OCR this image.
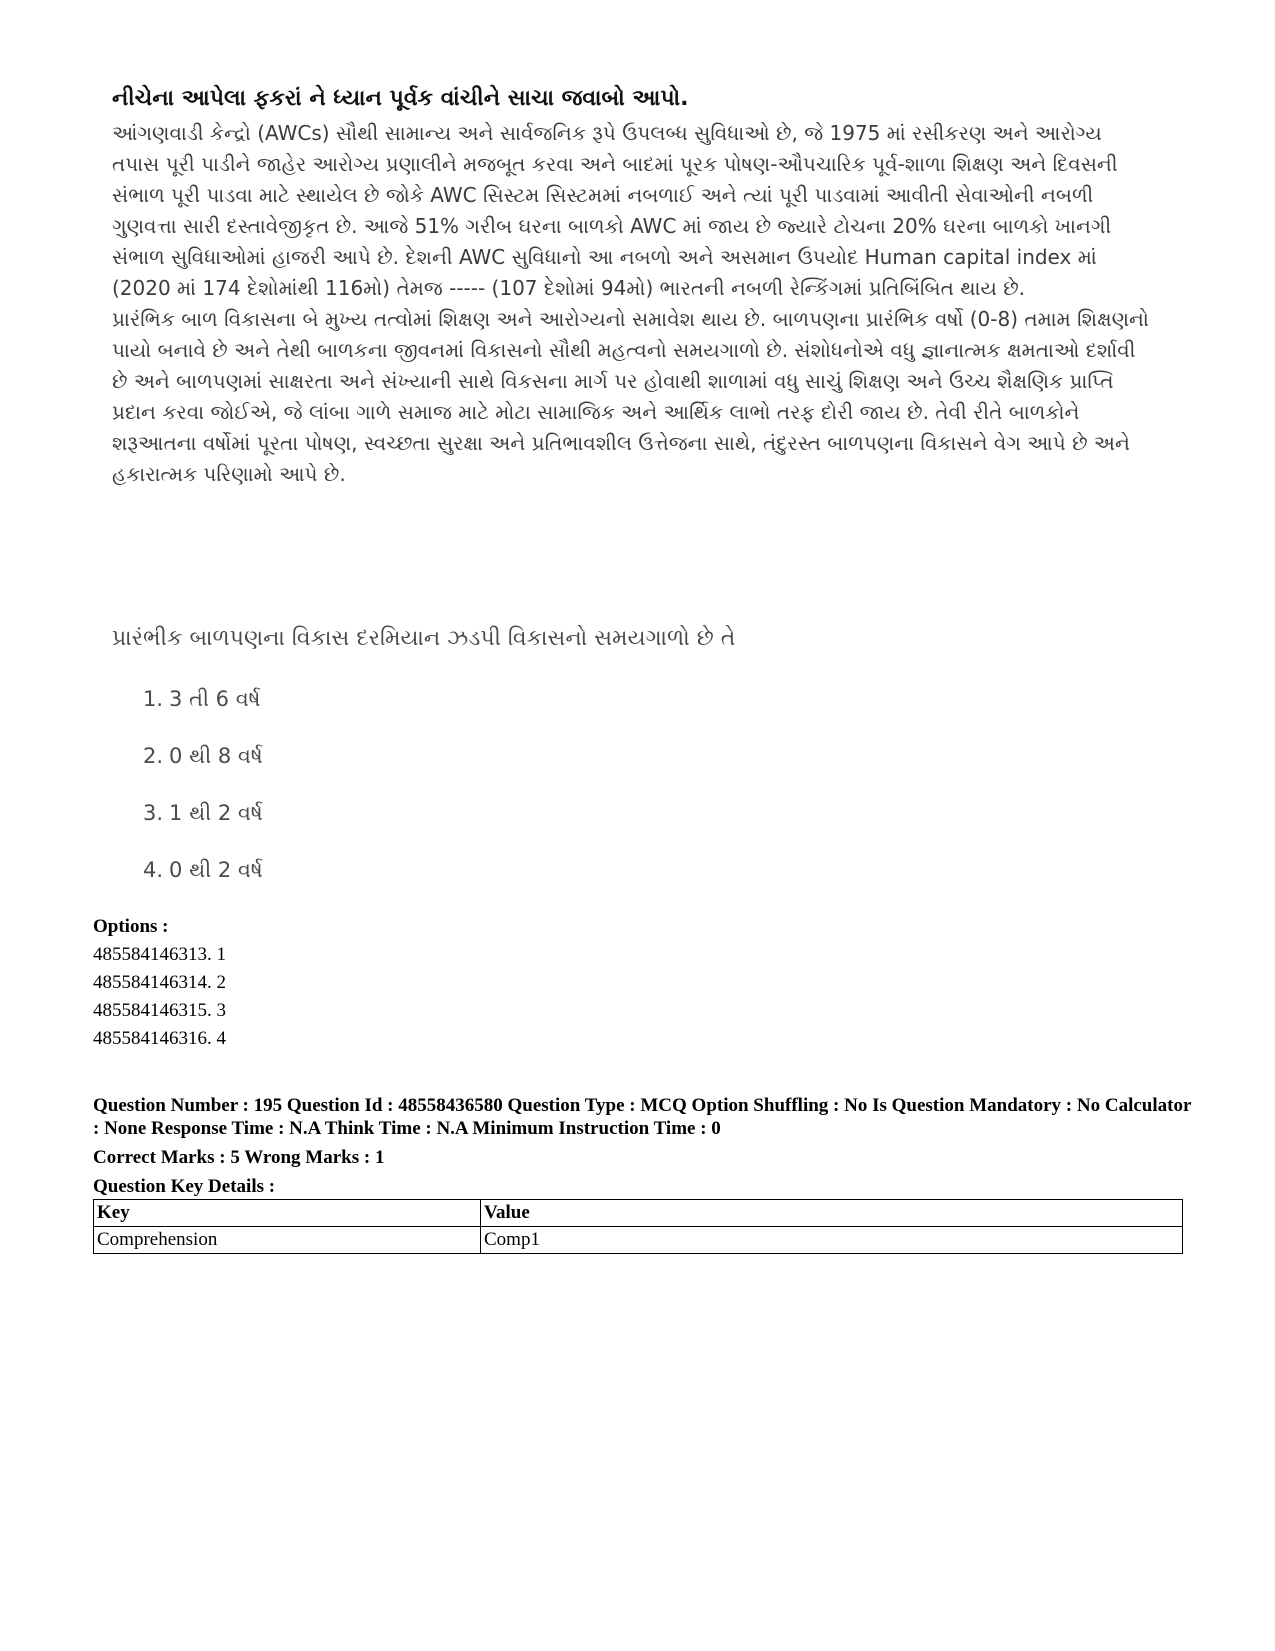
નીચેના આપેલા ફકરાં ને ધ્યાન પૂર્વક વાંચીને સાચા જવાબો આપો.

આંગણવાડી કેન્દ્રો (AWCs) સૌથી સામાન્ય અને સાર્વજનિક રૂપે ઉપલબ્ધ સુવિધાઓ છે, જે 1975 માં રસીકરણ અને આરોગ્ય તપાસ પૂરી પાડીને જાહેર આરોગ્ય પ્રણાલીને મજબૂત કરવા અને બાદમાં પૂરક પોષણ-ઔપચારિક પૂર્વ-શાળા શિક્ષણ અને દિવસની સંભાળ પૂરી પાડવા માટે સ્થાયેલ છે જોકે AWC સિસ્ટમ સિસ્ટમમાં નબળાઈ અને ત્યાં પૂરી પાડવામાં આવીતી સેવાઓની નબળી ગુણવત્તા સારી દસ્તાવેજીકૃત છે. આજે 51% ગરીબ ઘરના બાળકો AWC માં જાય છે જ્યારે ટોચના 20% ઘરના બાળકો ખાનગી સંભાળ સુવિધાઓમાં હાજરી આપે છે. દેશની AWC સુવિધાનો આ નબળો અને અસમાન ઉપયોદ Human capital index માં (2020 માં 174 દેશોમાંથી 116મો) તેમજ ----- (107 દેશોમાં 94મો) ભારતની નબળી રેન્કિંગમાં પ્રતિબિંબિત થાય છે.

પ્રારંભિક બાળ વિકાસના બે મુખ્ય તત્વોમાં શિક્ષણ અને આરોગ્યનો સમાવેશ થાય છે. બાળપણના પ્રારંભિક વર્ષો (0-8) તમામ શિક્ષણનો પાયો બનાવે છે અને તેથી બાળકના જીવનમાં વિકાસનો સૌથી મહત્વનો સમયગાળો છે. સંશોધનોએ વધુ જ્ઞાનાત્મક ક્ષમતાઓ દર્શાવી છે અને બાળપણમાં સાક્ષરતા અને સંખ્યાની સાથે વિકસના માર્ગ પર હોવાથી શાળામાં વધુ સાચું શિક્ષણ અને ઉચ્ચ શૈક્ષણિક પ્રાપ્તિ પ્રદાન કરવા જોઈએ, જે લાંબા ગાળે સમાજ માટે મોટા સામાજિક અને આર્થિક લાભો તરફ દોરી જાય છે. તેવી રીતે બાળકોને શરૂઆતના વર્ષોમાં પૂરતા પોષણ, સ્વચ્છતા સુરક્ષા અને પ્રતિભાવશીલ ઉત્તેજના સાથે, તંદુરસ્ત બાળપણના વિકાસને વેગ આપે છે અને હકારાત્મક પરિણામો આપે છે.

પ્રારંભીક બાળપણના વિકાસ દરમિયાન ઝડપી વિકાસનો સમયગાળો છે તે
1. 3 તી 6 વર્ષ
2. 0 થી 8 વર્ષ
3. 1 થી 2 વર્ષ
4. 0 થી 2 વર્ષ
Options :
485584146313. 1
485584146314. 2
485584146315. 3
485584146316. 4

Question Number : 195 Question Id : 48558436580 Question Type : MCQ Option Shuffling : No Is Question Mandatory : No Calculator : None Response Time : N.A Think Time : N.A Minimum Instruction Time : 0

Correct Marks : 5 Wrong Marks : 1

Question Key Details :

Key	Value
Comprehension	Comp1
